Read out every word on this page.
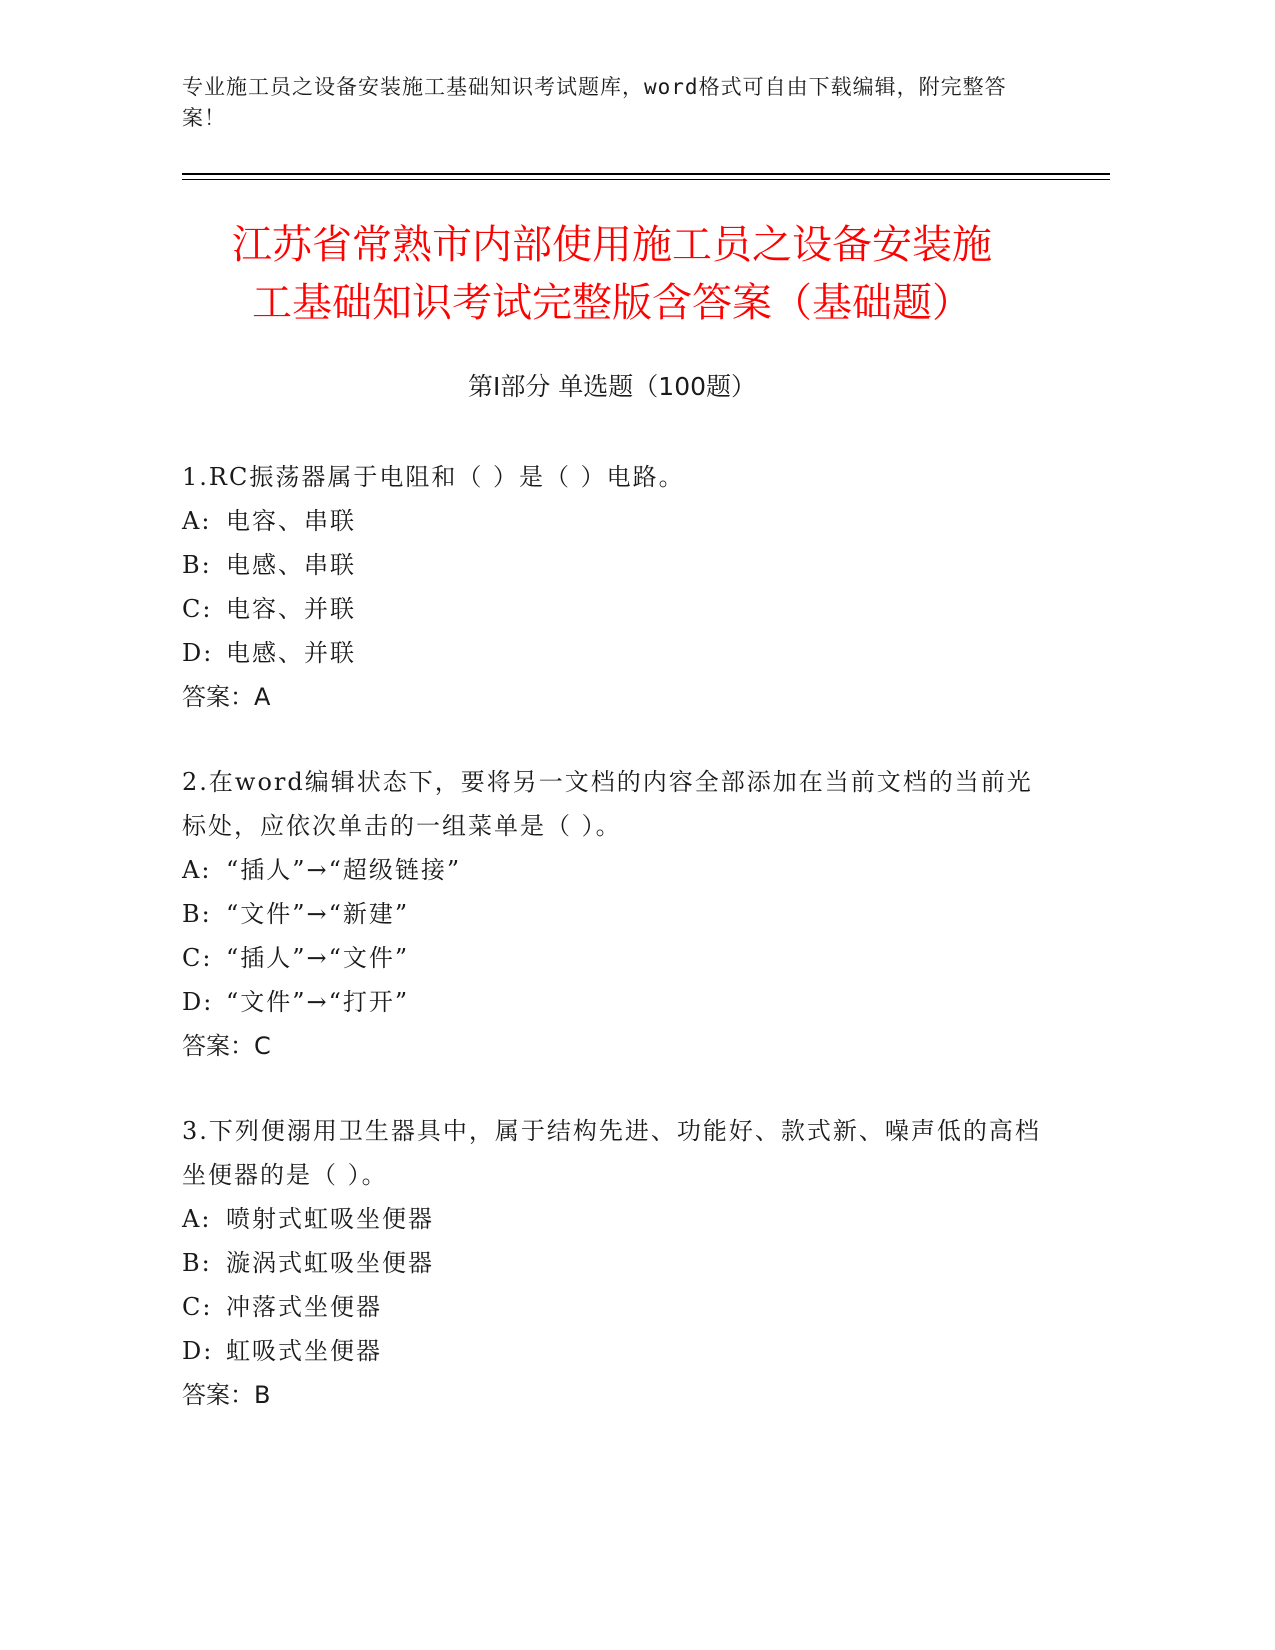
专业施工员之设备安装施工基础知识考试题库，word格式可自由下载编辑，附完整答案！
江苏省常熟市内部使用施工员之设备安装施
工基础知识考试完整版含答案（基础题）
第Ⅰ部分 单选题（100题）
1.RC振荡器属于电阻和（ ）是（ ）电路。
A: 电容、串联
B: 电感、串联
C: 电容、并联
D: 电感、并联
答案：A
2.在word编辑状态下，要将另一文档的内容全部添加在当前文档的当前光标处，应依次单击的一组菜单是（ ）。
A: “插人”→“超级链接”
B: “文件”→“新建”
C: “插人”→“文件”
D: “文件”→“打开”
答案：C
3.下列便溺用卫生器具中，属于结构先进、功能好、款式新、噪声低的高档坐便器的是（ ）。
A: 喷射式虹吸坐便器
B: 漩涡式虹吸坐便器
C: 冲落式坐便器
D: 虹吸式坐便器
答案：B
